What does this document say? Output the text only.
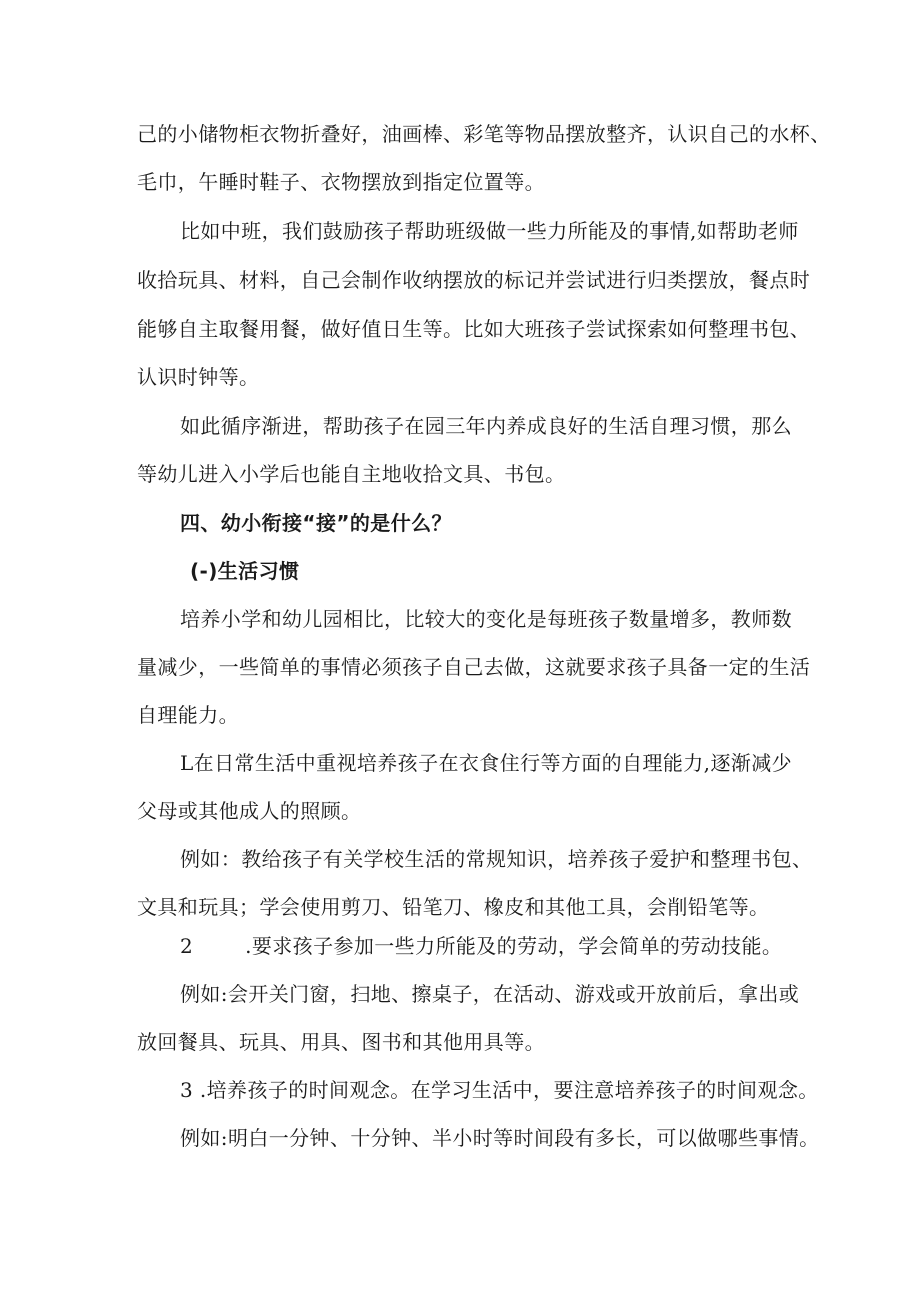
己的小储物柜衣物折叠好，油画棒、彩笔等物品摆放整齐，认识自己的水杯、
毛巾，午睡时鞋子、衣物摆放到指定位置等。
比如中班，我们鼓励孩子帮助班级做一些力所能及的事情,如帮助老师
收拾玩具、材料，自己会制作收纳摆放的标记并尝试进行归类摆放，餐点时
能够自主取餐用餐，做好值日生等。比如大班孩子尝试探索如何整理书包、
认识时钟等。
如此循序渐进，帮助孩子在园三年内养成良好的生活自理习惯，那么
等幼儿进入小学后也能自主地收拾文具、书包。
四、幼小衔接“接”的是什么？
(-)生活习惯
培养小学和幼儿园相比，比较大的变化是每班孩子数量增多，教师数
量减少，一些简单的事情必须孩子自己去做，这就要求孩子具备一定的生活
自理能力。
L在日常生活中重视培养孩子在衣食住行等方面的自理能力,逐渐减少
父母或其他成人的照顾。
例如：教给孩子有关学校生活的常规知识，培养孩子爱护和整理书包、
文具和玩具；学会使用剪刀、铅笔刀、橡皮和其他工具，会削铅笔等。
2	.要求孩子参加一些力所能及的劳动，学会简单的劳动技能。
例如:会开关门窗，扫地、擦桌子，在活动、游戏或开放前后，拿出或
放回餐具、玩具、用具、图书和其他用具等。
3 .培养孩子的时间观念。在学习生活中，要注意培养孩子的时间观念。
例如:明白一分钟、十分钟、半小时等时间段有多长，可以做哪些事情。
